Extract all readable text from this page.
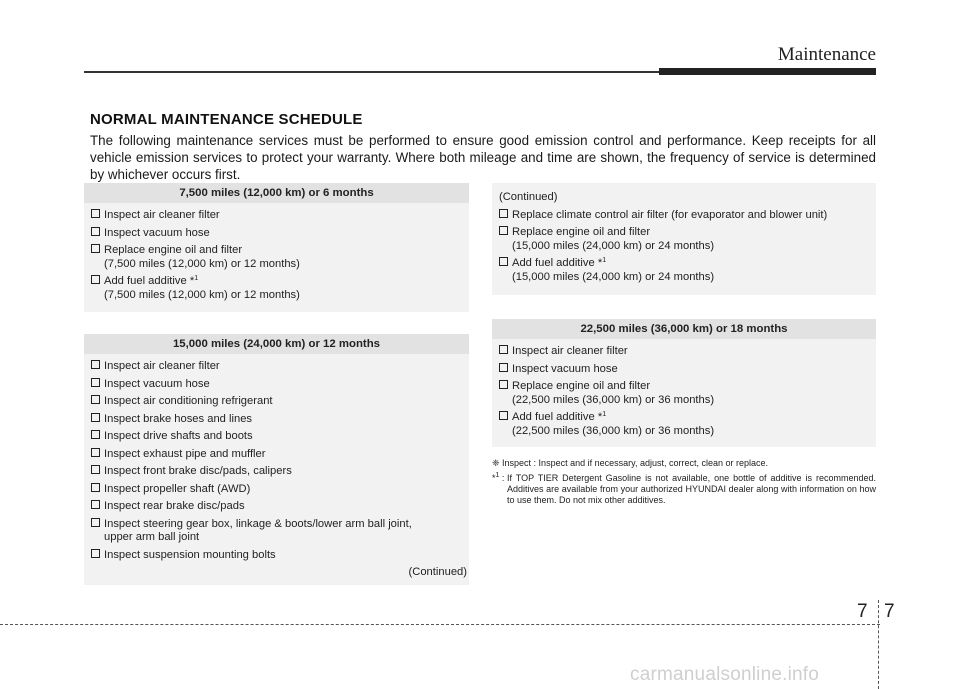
Maintenance
NORMAL MAINTENANCE SCHEDULE
The following maintenance services must be performed to ensure good emission control and performance. Keep receipts for all vehicle emission services to protect your warranty. Where both mileage and time are shown, the frequency of service is determined by whichever occurs first.
7,500 miles (12,000 km) or 6 months
Inspect air cleaner filter
Inspect vacuum hose
Replace engine oil and filter
(7,500 miles (12,000 km) or 12 months)
Add fuel additive *$^1$
(7,500 miles (12,000 km) or 12 months)
15,000 miles (24,000 km) or 12 months
Inspect air cleaner filter
Inspect vacuum hose
Inspect air conditioning refrigerant
Inspect brake hoses and lines
Inspect drive shafts and boots
Inspect exhaust pipe and muffler
Inspect front brake disc/pads, calipers
Inspect propeller shaft (AWD)
Inspect rear brake disc/pads
Inspect steering gear box, linkage & boots/lower arm ball joint,
upper arm ball joint
Inspect suspension mounting bolts
(Continued)
(Continued)
Replace climate control air filter (for evaporator and blower unit)
Replace engine oil and filter
(15,000 miles (24,000 km) or 24 months)
Add fuel additive *$^1$
(15,000 miles (24,000 km) or 24 months)
22,500 miles (36,000 km) or 18 months
Inspect air cleaner filter
Inspect vacuum hose
Replace engine oil and filter
(22,500 miles (36,000 km) or 36 months)
Add fuel additive *$^1$
(22,500 miles (36,000 km) or 36 months)
❈ Inspect : Inspect and if necessary, adjust, correct, clean or replace.
*$^1$ : If TOP TIER Detergent Gasoline is not available, one bottle of additive is recommended. Additives are available from your authorized HYUNDAI dealer along with information on how to use them. Do not mix other additives.
7 7
carmanualsonline.info
